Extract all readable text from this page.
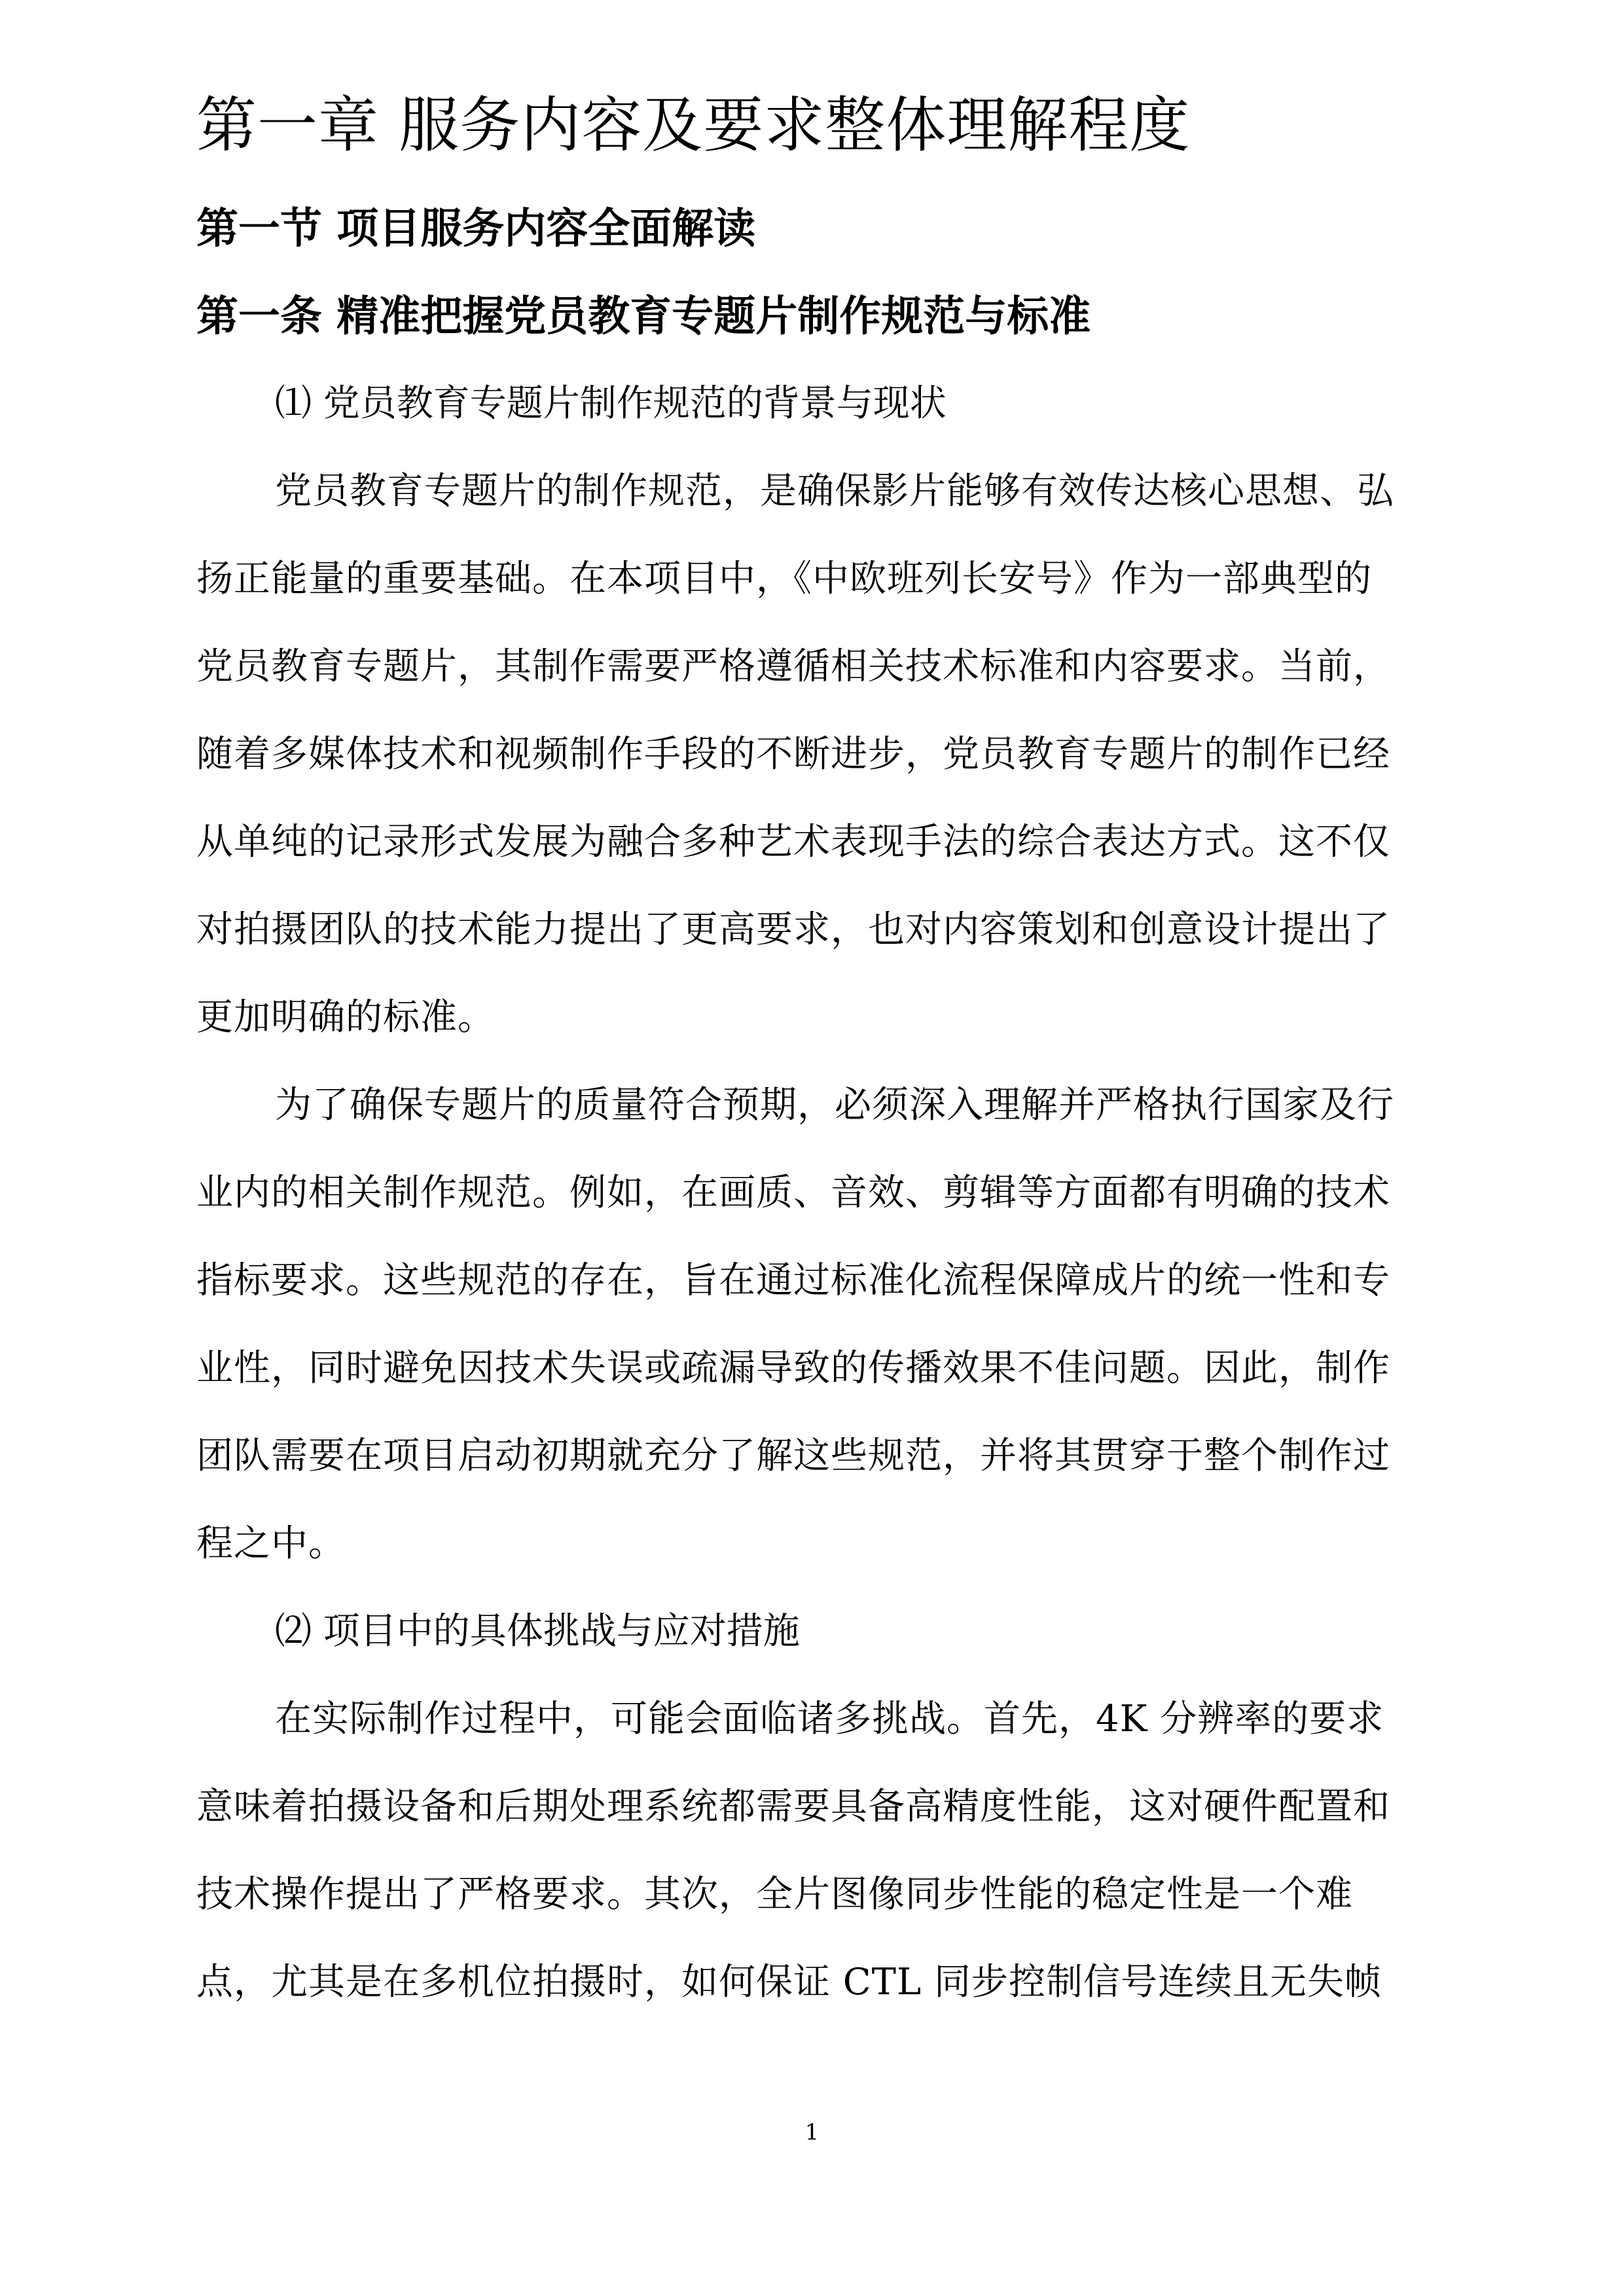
第一章 服务内容及要求整体理解程度
第一节 项目服务内容全面解读
第一条 精准把握党员教育专题片制作规范与标准

⑴ 党员教育专题片制作规范的背景与现状

党员教育专题片的制作规范，是确保影片能够有效传达核心思想、弘

扬正能量的重要基础。在本项目中，《中欧班列长安号》作为一部典型的

党员教育专题片，其制作需要严格遵循相关技术标准和内容要求。当前，

随着多媒体技术和视频制作手段的不断进步，党员教育专题片的制作已经

从单纯的记录形式发展为融合多种艺术表现手法的综合表达方式。这不仅

对拍摄团队的技术能力提出了更高要求，也对内容策划和创意设计提出了

更加明确的标准。

为了确保专题片的质量符合预期，必须深入理解并严格执行国家及行

业内的相关制作规范。例如，在画质、音效、剪辑等方面都有明确的技术

指标要求。这些规范的存在，旨在通过标准化流程保障成片的统一性和专

业性，同时避免因技术失误或疏漏导致的传播效果不佳问题。因此，制作

团队需要在项目启动初期就充分了解这些规范，并将其贯穿于整个制作过

程之中。

⑵ 项目中的具体挑战与应对措施

在实际制作过程中，可能会面临诸多挑战。首先，4K 分辨率的要求

意味着拍摄设备和后期处理系统都需要具备高精度性能，这对硬件配置和

技术操作提出了严格要求。其次，全片图像同步性能的稳定性是一个难

点，尤其是在多机位拍摄时，如何保证 CTL 同步控制信号连续且无失帧

1
